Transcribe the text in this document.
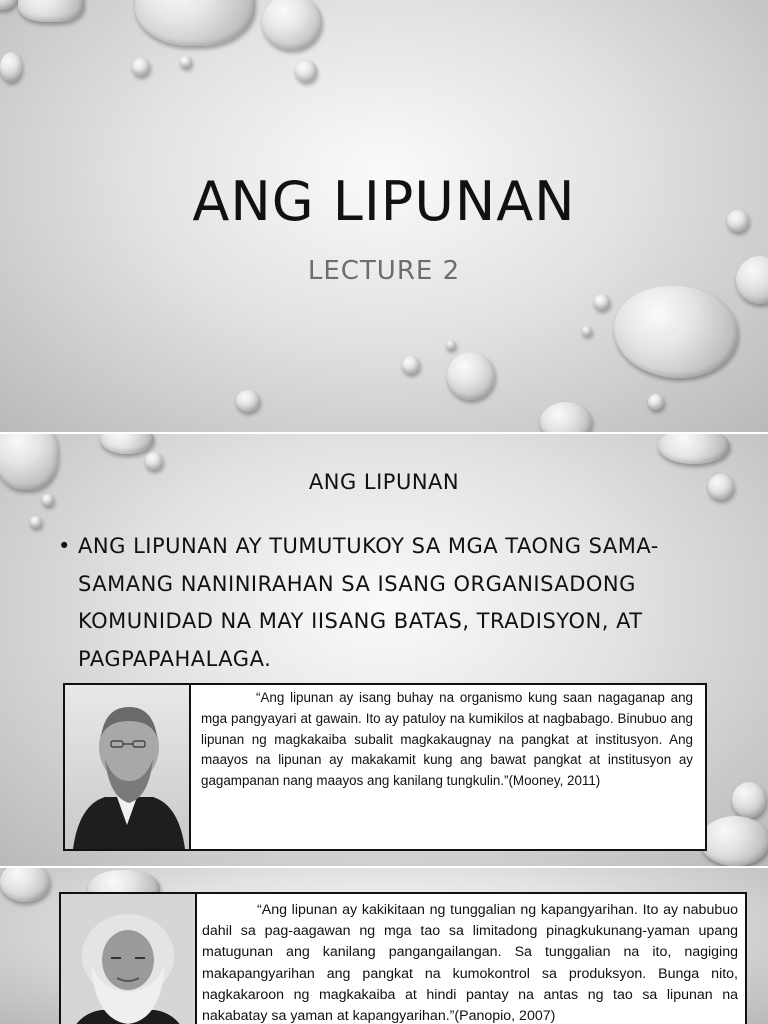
ANG LIPUNAN
LECTURE 2
ANG LIPUNAN
• ANG LIPUNAN AY TUMUTUKOY SA MGA TAONG SAMA-SAMANG NANINIRAHAN SA ISANG ORGANISADONG KOMUNIDAD NA MAY IISANG BATAS, TRADISYON, AT PAGPAPAHALAGA.

“Ang lipunan ay isang buhay na organismo kung saan nagaganap ang mga pangyayari at gawain. Ito ay patuloy na kumikilos at nagbabago. Binubuo ang lipunan ng magkakaiba subalit magkakaugnay na pangkat at institusyon. Ang maayos na lipunan ay makakamit kung ang bawat pangkat at institusyon ay gagampanan nang maayos ang kanilang tungkulin.”(Mooney, 2011)

“Ang lipunan ay kakikitaan ng tunggalian ng kapangyarihan. Ito ay nabubuo dahil sa pag-aagawan ng mga tao sa limitadong pinagkukunang-yaman upang matugunan ang kanilang pangangailangan. Sa tunggalian na ito, nagiging makapangyarihan ang pangkat na kumokontrol sa produksyon. Bunga nito, nagkakaroon ng magkakaiba at hindi pantay na antas ng tao sa lipunan na nakabatay sa yaman at kapangyarihan.”(Panopio, 2007)
